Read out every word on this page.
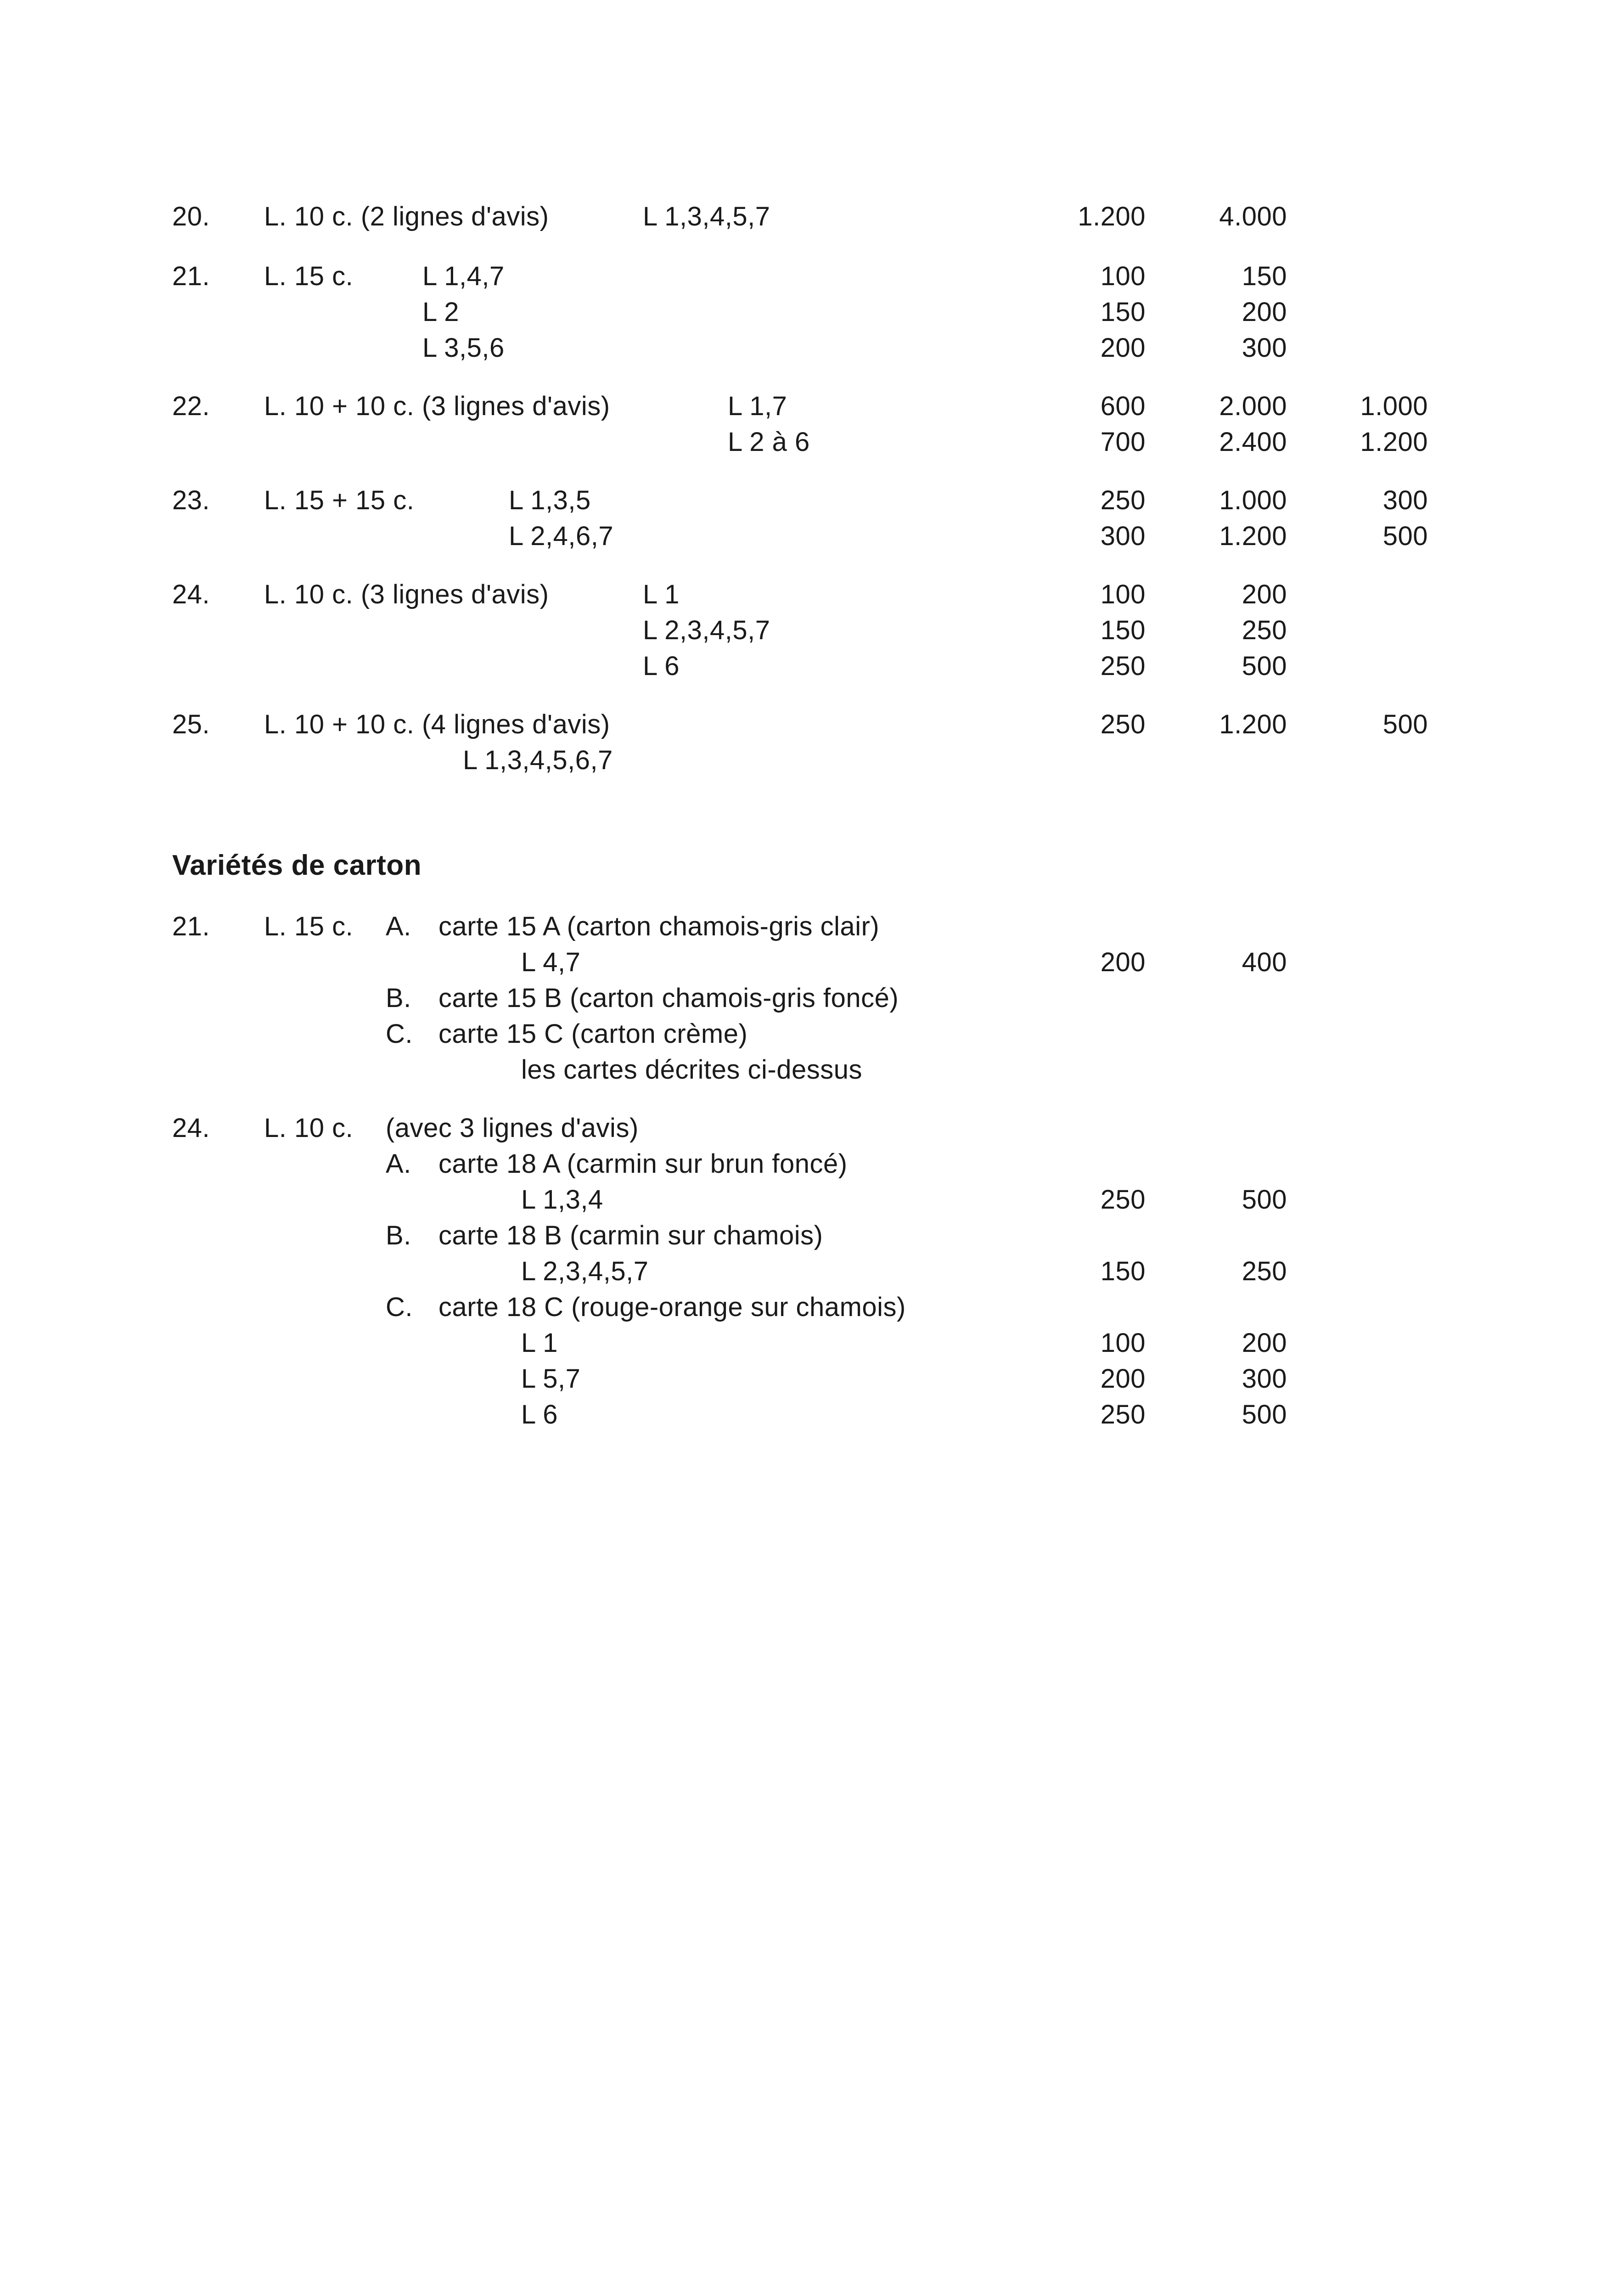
20. L. 10 c. (2 lignes d'avis)	L 1,3,4,5,7	1.200	4.000
21. L. 15 c.	L 1,4,7	100	150
L 2	150	200
L 3,5,6	200	300
22. L. 10 + 10 c. (3 lignes d'avis)	L 1,7	600	2.000	1.000
L 2 à 6	700	2.400	1.200
23. L. 15 + 15 c.	L 1,3,5	250	1.000	300
L 2,4,6,7	300	1.200	500
24. L. 10 c. (3 lignes d'avis)	L 1	100	200
L 2,3,4,5,7	150	250
L 6	250	500
25. L. 10 + 10 c. (4 lignes d'avis)	250	1.200	500
L 1,3,4,5,6,7
Variétés de carton
21. L. 15 c. A. carte 15 A (carton chamois-gris clair)
L 4,7	200	400
B. carte 15 B (carton chamois-gris foncé)
C. carte 15 C (carton crème)
les cartes décrites ci-dessus
24. L. 10 c. (avec 3 lignes d'avis)
A. carte 18 A (carmin sur brun foncé)
L 1,3,4	250	500
B. carte 18 B (carmin sur chamois)
L 2,3,4,5,7	150	250
C. carte 18 C (rouge-orange sur chamois)
L 1	100	200
L 5,7	200	300
L 6	250	500
